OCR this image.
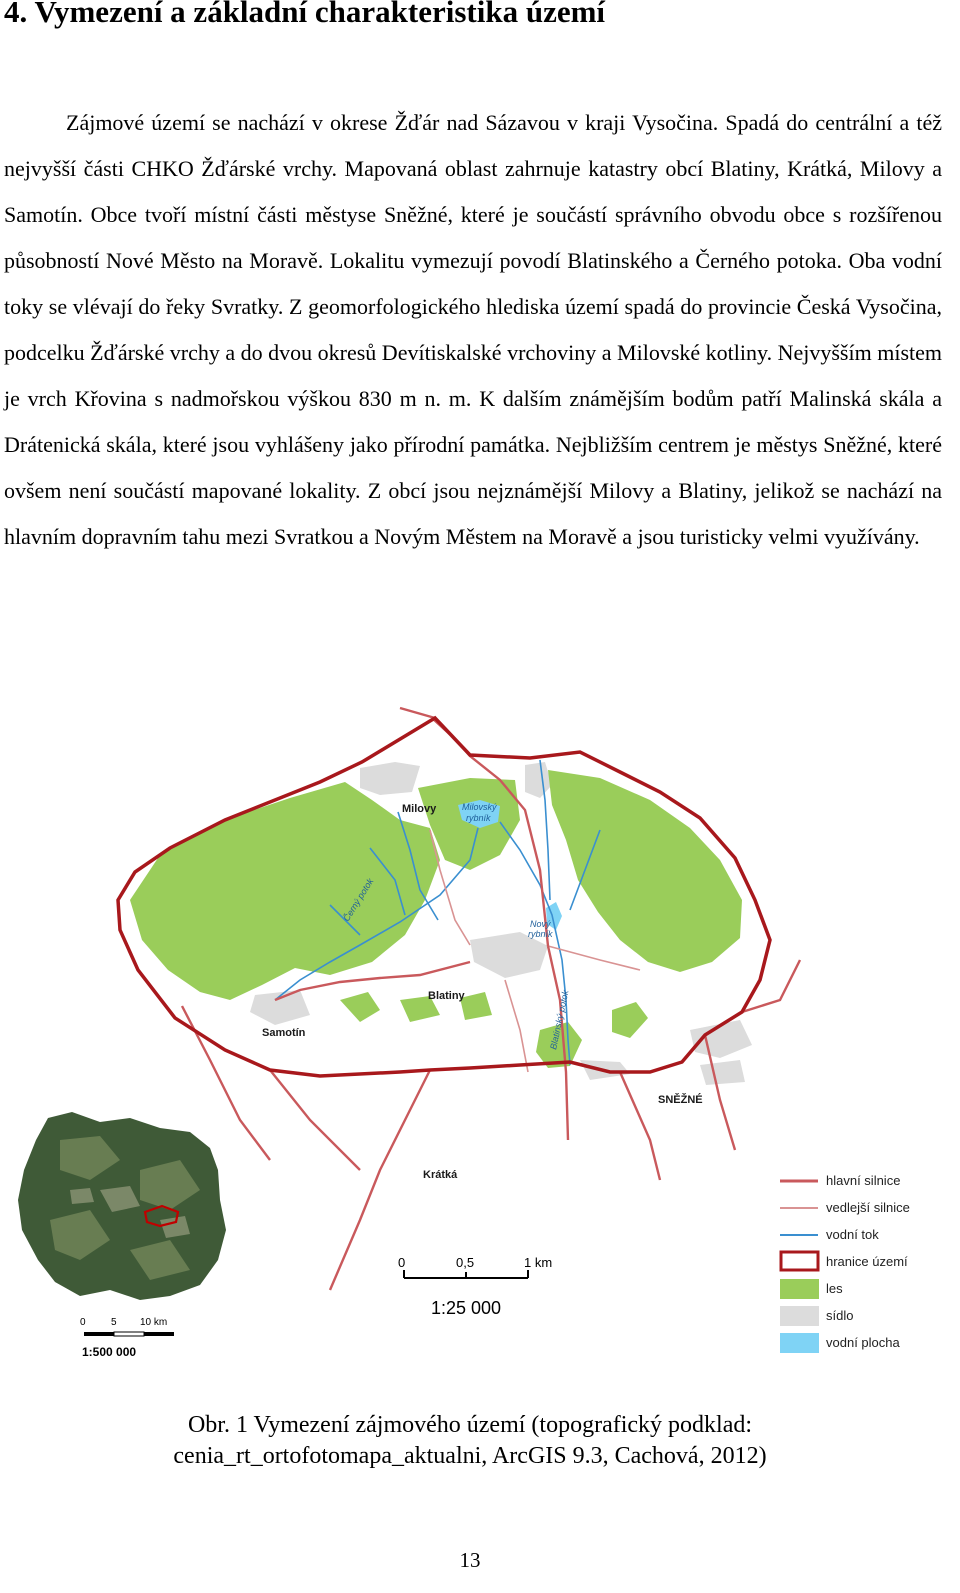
4. Vymezení a základní charakteristika území

Zájmové území se nachází v okrese Žďár nad Sázavou v kraji Vysočina. Spadá do centrální a též nejvyšší části CHKO Žďárské vrchy. Mapovaná oblast zahrnuje katastry obcí Blatiny, Krátká, Milovy a Samotín. Obce tvoří místní části městyse Sněžné, které je součástí správního obvodu obce s rozšířenou působností Nové Město na Moravě. Lokalitu vymezují povodí Blatinského a Černého potoka. Oba vodní toky se vlévají do řeky Svratky. Z geomorfologického hlediska území spadá do provincie Česká Vysočina, podcelku Žďárské vrchy a do dvou okresů Devítiskalské vrchoviny a Milovské kotliny. Nejvyšším místem je vrch Křovina s nadmořskou výškou 830 m n. m. K dalším známějším bodům patří Malinská skála a Drátenická skála, které jsou vyhlášeny jako přírodní památka. Nejbližším centrem je městys Sněžné, které ovšem není součástí mapované lokality. Z obcí jsou nejznámější Milovy a Blatiny, jelikož se nachází na hlavním dopravním tahu mezi Svratkou a Novým Městem na Moravě a jsou turisticky velmi využívány.

Milovy
Blatiny
Samotín
Krátká
SNĚŽNÉ
Milovský
rybník
Nový
rybník
Černý potok
Blatinský potok
0	5 10 km
1:500 000
0	0,5	1 km
1:25 000
hlavní silnice
vedlejší silnice
vodní tok
hranice území
les
sídlo
vodní plocha
Obr. 1 Vymezení zájmového území (topografický podklad:
cenia_rt_ortofotomapa_aktualni, ArcGIS 9.3, Cachová, 2012)
13
